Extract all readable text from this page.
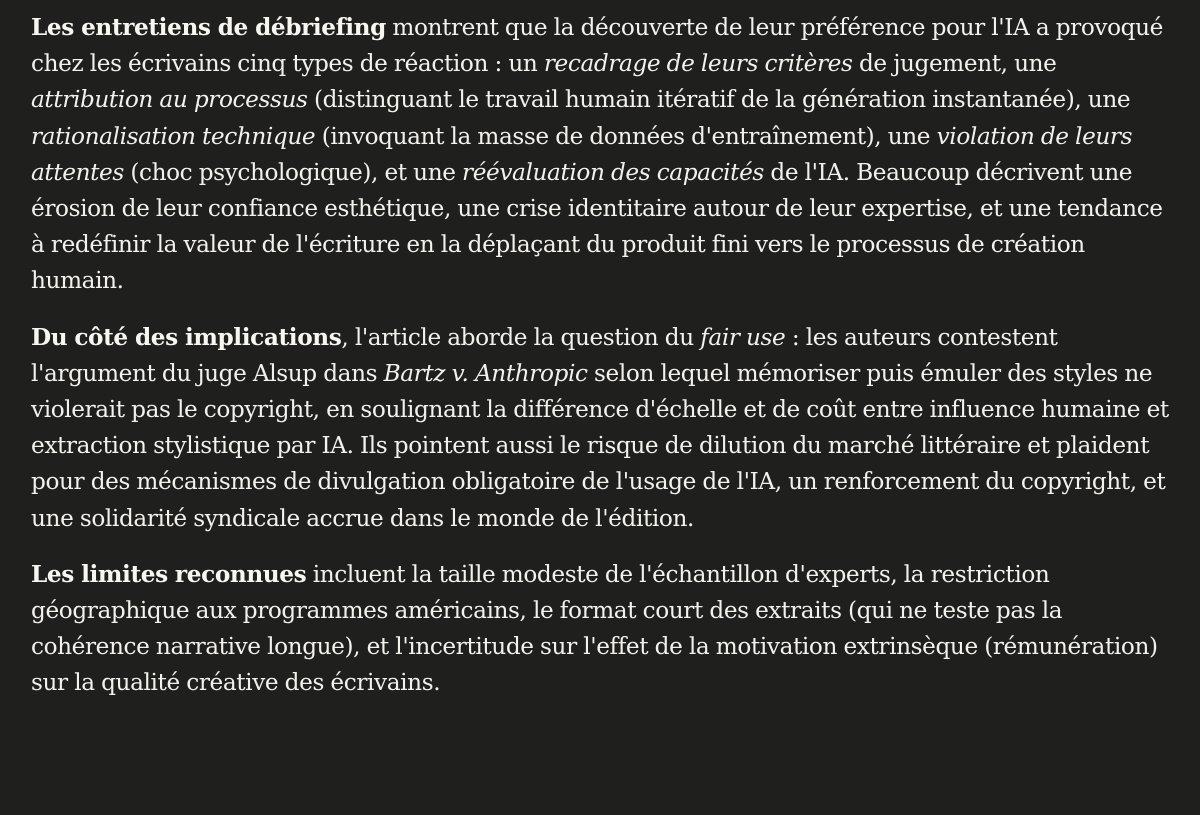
Les entretiens de débriefing montrent que la découverte de leur préférence pour l'IA a provoqué chez les écrivains cinq types de réaction : un recadrage de leurs critères de jugement, une attribution au processus (distinguant le travail humain itératif de la génération instantanée), une rationalisation technique (invoquant la masse de données d'entraînement), une violation de leurs attentes (choc psychologique), et une réévaluation des capacités de l'IA. Beaucoup décrivent une érosion de leur confiance esthétique, une crise identitaire autour de leur expertise, et une tendance à redéfinir la valeur de l'écriture en la déplaçant du produit fini vers le processus de création humain.

Du côté des implications, l'article aborde la question du fair use : les auteurs contestent l'argument du juge Alsup dans Bartz v. Anthropic selon lequel mémoriser puis émuler des styles ne violerait pas le copyright, en soulignant la différence d'échelle et de coût entre influence humaine et extraction stylistique par IA. Ils pointent aussi le risque de dilution du marché littéraire et plaident pour des mécanismes de divulgation obligatoire de l'usage de l'IA, un renforcement du copyright, et une solidarité syndicale accrue dans le monde de l'édition.

Les limites reconnues incluent la taille modeste de l'échantillon d'experts, la restriction géographique aux programmes américains, le format court des extraits (qui ne teste pas la cohérence narrative longue), et l'incertitude sur l'effet de la motivation extrinsèque (rémunération) sur la qualité créative des écrivains.
